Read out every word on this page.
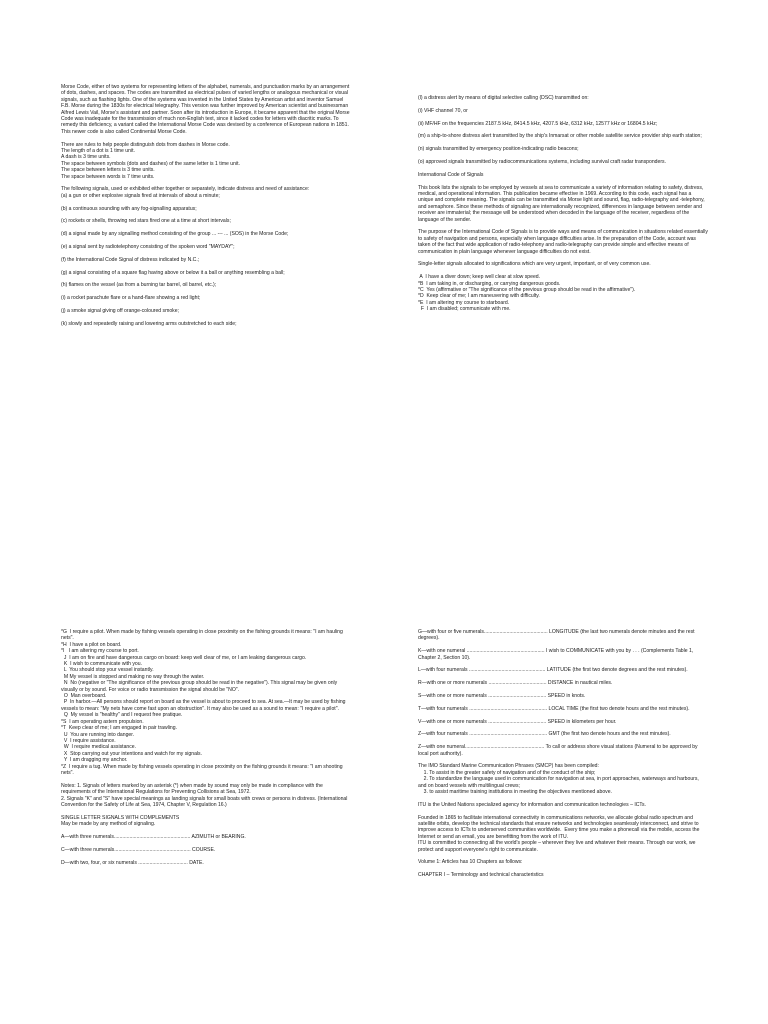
Morse Code, either of two systems for representing letters of the alphabet, numerals, and punctuation marks by an arrangement of dots, dashes, and spaces. The codes are transmitted as electrical pulses of varied lengths or analogous mechanical or visual signals, such as flashing lights. One of the systems was invented in the United States by American artist and inventor Samuel F.B. Morse during the 1830s for electrical telegraphy. This version was further improved by American scientist and businessman Alfred Lewis Vail, Morse's assistant and partner. Soon after its introduction in Europe, it became apparent that the original Morse Code was inadequate for the transmission of much non-English text, since it lacked codes for letters with diacritic marks. To remedy this deficiency, a variant called the International Morse Code was devised by a conference of European nations in 1851. This newer code is also called Continental Morse Code.

There are rules to help people distinguish dots from dashes in Morse code.
The length of a dot is 1 time unit.
A dash is 3 time units.
The space between symbols (dots and dashes) of the same letter is 1 time unit.
The space between letters is 3 time units.
The space between words is 7 time units.

The following signals, used or exhibited either together or separately, indicate distress and need of assistance:
(a) a gun or other explosive signals fired at intervals of about a minute;

(b) a continuous sounding with any fog-signalling apparatus;

(c) rockets or shells, throwing red stars fired one at a time at short intervals;

(d) a signal made by any signalling method consisting of the group ... --- ... (SOS) in the Morse Code;

(e) a signal sent by radiotelephony consisting of the spoken word "MAYDAY";

(f) the International Code Signal of distress indicated by N.C.;

(g) a signal consisting of a square flag having above or below it a ball or anything resembling a ball;

(h) flames on the vessel (as from a burning tar barrel, oil barrel, etc.);

(i) a rocket parachute flare or a hand-flare showing a red light;

(j) a smoke signal giving off orange-coloured smoke;

(k) slowly and repeatedly raising and lowering arms outstretched to each side;

(l) a distress alert by means of digital selective calling (DSC) transmitted on:

(i) VHF channel 70, or

(ii) MF/HF on the frequencies 2187.5 kHz, 8414.5 kHz, 4207.5 kHz, 6312 kHz, 12577 kHz or 16804.5 kHz;

(m) a ship-to-shore distress alert transmitted by the ship's Inmarsat or other mobile satellite service provider ship earth station;

(n) signals transmitted by emergency position-indicating radio beacons;

(o) approved signals transmitted by radiocommunications systems, including survival craft radar transponders.

International Code of Signals

This book lists the signals to be employed by vessels at sea to communicate a variety of information relating to safety, distress, medical, and operational information. This publication became effective in 1969. According to this code, each signal has a unique and complete meaning. The signals can be transmitted via Morse light and sound, flag, radio-telegraphy and -telephony, and semaphore. Since these methods of signaling are internationally recognized, differences in language between sender and receiver are immaterial; the message will be understood when decoded in the language of the receiver, regardless of the language of the sender.

The purpose of the International Code of Signals is to provide ways and means of communication in situations related essentially to safety of navigation and persons, especially when language difficulties arise. In the preparation of the Code, account was taken of the fact that wide application of radio-telephony and radio-telegraphy can provide simple and effective means of communication in plain language whenever language difficulties do not exist.

Single-letter signals allocated to significations which are very urgent, important, or of very common use.

A  I have a diver down; keep well clear at slow speed.
*B  I am taking in, or discharging, or carrying dangerous goods.
*C  Yes (affirmative or "The significance of the previous group should be read in the affirmative").
*D  Keep clear of me; I am maneuvering with difficulty.
*E  I am altering my course to starboard.
F  I am disabled; communicate with me.

*G  I require a pilot. When made by fishing vessels operating in close proximity on the fishing grounds it means: "I am hauling nets".
*H  I have a pilot on board.
*I   I am altering my course to port.
J  I am on fire and have dangerous cargo on board: keep well clear of me, or I am leaking dangerous cargo.
K  I wish to communicate with you.
L  You should stop your vessel instantly.
M My vessel is stopped and making no way through the water.
N  No (negative or "The significance of the previous group should be read in the negative"). This signal may be given only visually or by sound. For voice or radio transmission the signal should be "NO".
O  Man overboard.
P  In harbor.—All persons should report on board as the vessel is about to proceed to sea. At sea.—It may be used by fishing vessels to mean: "My nets have come fast upon an obstruction". It may also be used as a sound to mean: "I require a pilot".
Q  My vessel is "healthy" and I request free pratique.
*S  I am operating astern propulsion.
*T  Keep clear of me; I am engaged in pair trawling.
U  You are running into danger.
V  I require assistance.
W  I require medical assistance.
X  Stop carrying out your intentions and watch for my signals.
Y  I am dragging my anchor.
*Z  I require a tug. When made by fishing vessels operating in close proximity on the fishing grounds it means: "I am shooting nets".

Notes: 1. Signals of letters marked by an asterisk (*) when made by sound may only be made in compliance with the requirements of the International Regulations for Preventing Collisions at Sea, 1972.
2. Signals "K" and "S" have special meanings as landing signals for small boats with crews or persons in distress. (International Convention for the Safety of Life at Sea, 1974, Chapter V, Regulation 16.)

SINGLE LETTER SIGNALS WITH COMPLEMENTS
May be made by any method of signaling.

A—with three numerals...................................................... AZIMUTH or BEARING.

C—with three numerals...................................................... COURSE.

D—with two, four, or six numerals ................................... DATE.

G—with four or five numerals............................................. LONGITUDE (the last two numerals denote minutes and the rest degrees).

K—with one numeral ....................................................... I wish to COMMUNICATE with you by . . . (Complements Table 1, Chapter 2, Section 10).

L—with four numerals ...................................................... LATITUDE (the first two denote degrees and the rest minutes).

R—with one or more numerals ......................................... DISTANCE in nautical miles.

S—with one or more numerals ......................................... SPEED in knots.

T—with four numerals ....................................................... LOCAL TIME (the first two denote hours and the rest minutes).

V—with one or more numerals ......................................... SPEED in kilometers per hour.

Z—with four numerals ....................................................... GMT (the first two denote hours and the rest minutes).

Z—with one numeral........................................................ To call or address shore visual stations (Numeral to be approved by local port authority).

The IMO Standard Marine Communication Phrases (SMCP) has been compiled:
1. To assist in the greater safety of navigation and of the conduct of the ship;
2. To standardize the language used in communication for navigation at sea, in port approaches, waterways and harbours, and on board vessels with multilingual crews;
3. to assist maritime training institutions in meeting the objectives mentioned above.

ITU is the United Nations specialized agency for information and communication technologies – ICTs.

Founded in 1865 to facilitate international connectivity in communications networks, we allocate global radio spectrum and satellite orbits, develop the technical standards that ensure networks and technologies seamlessly interconnect, and strive to improve access to ICTs to underserved communities worldwide.  Every time you make a phonecall via the mobile, access the Internet or send an email, you are benefitting from the work of ITU.
ITU is committed to connecting all the world's people – wherever they live and whatever their means. Through our work, we protect and support everyone's right to communicate.

Volume 1: Articles has 10 Chapters as follows:

CHAPTER I – Terminology and technical characteristics
